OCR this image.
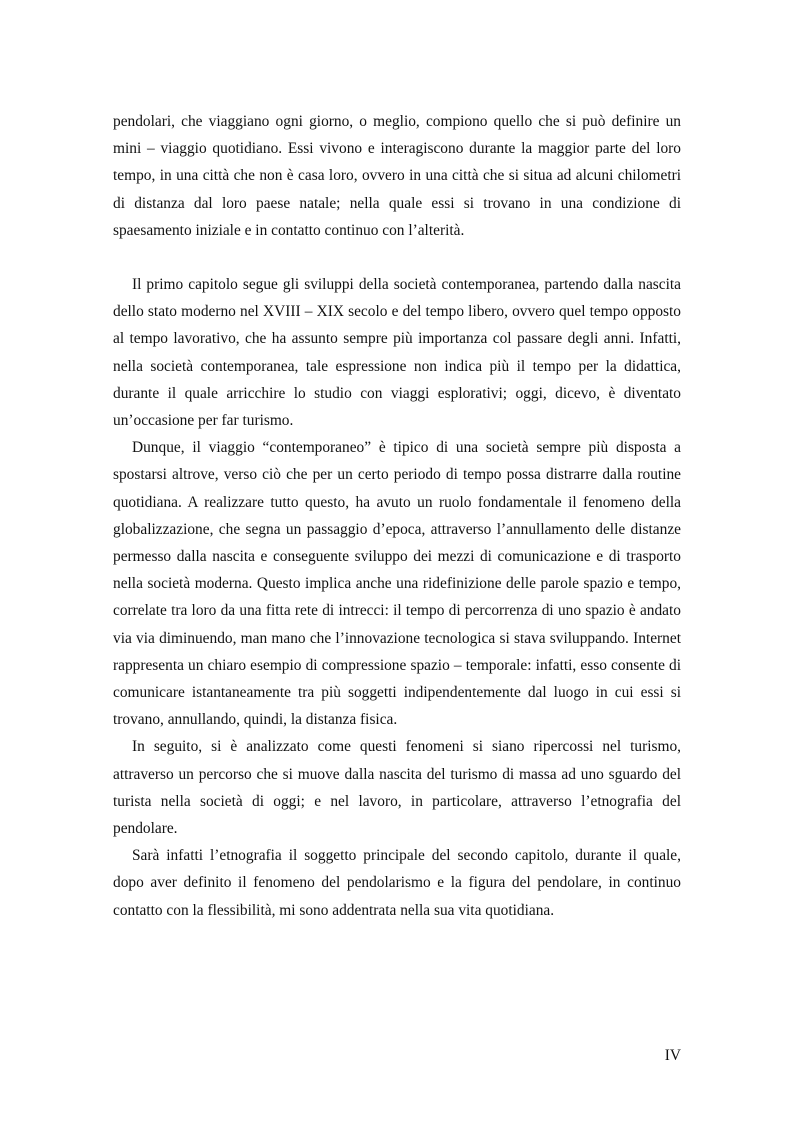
pendolari, che viaggiano ogni giorno, o meglio, compiono quello che si può definire un mini – viaggio quotidiano. Essi vivono e interagiscono durante la maggior parte del loro tempo, in una città che non è casa loro, ovvero in una città che si situa ad alcuni chilometri di distanza dal loro paese natale; nella quale essi si trovano in una condizione di spaesamento iniziale e in contatto continuo con l’alterità.

Il primo capitolo segue gli sviluppi della società contemporanea, partendo dalla nascita dello stato moderno nel XVIII – XIX secolo e del tempo libero, ovvero quel tempo opposto al tempo lavorativo, che ha assunto sempre più importanza col passare degli anni. Infatti, nella società contemporanea, tale espressione non indica più il tempo per la didattica, durante il quale arricchire lo studio con viaggi esplorativi; oggi, dicevo, è diventato un’occasione per far turismo.

Dunque, il viaggio “contemporaneo” è tipico di una società sempre più disposta a spostarsi altrove, verso ciò che per un certo periodo di tempo possa distrarre dalla routine quotidiana. A realizzare tutto questo, ha avuto un ruolo fondamentale il fenomeno della globalizzazione, che segna un passaggio d’epoca, attraverso l’annullamento delle distanze permesso dalla nascita e conseguente sviluppo dei mezzi di comunicazione e di trasporto nella società moderna. Questo implica anche una ridefinizione delle parole spazio e tempo, correlate tra loro da una fitta rete di intrecci: il tempo di percorrenza di uno spazio è andato via via diminuendo, man mano che l’innovazione tecnologica si stava sviluppando. Internet rappresenta un chiaro esempio di compressione spazio – temporale: infatti, esso consente di comunicare istantaneamente tra più soggetti indipendentemente dal luogo in cui essi si trovano, annullando, quindi, la distanza fisica.

In seguito, si è analizzato come questi fenomeni si siano ripercossi nel turismo, attraverso un percorso che si muove dalla nascita del turismo di massa ad uno sguardo del turista nella società di oggi; e nel lavoro, in particolare, attraverso l’etnografia del pendolare.

Sarà infatti l’etnografia il soggetto principale del secondo capitolo, durante il quale, dopo aver definito il fenomeno del pendolarismo e la figura del pendolare, in continuo contatto con la flessibilità, mi sono addentrata nella sua vita quotidiana.

IV
